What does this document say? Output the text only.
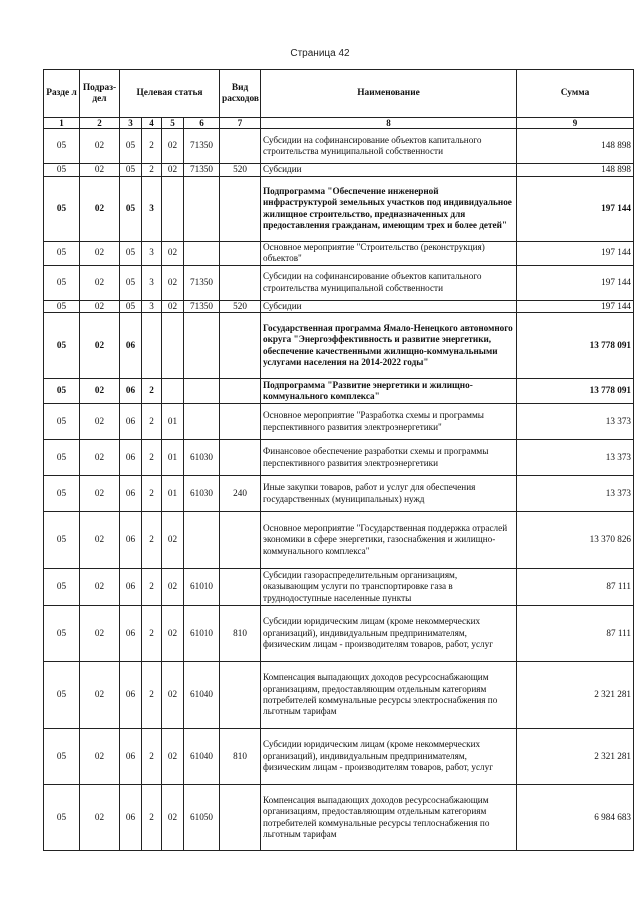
Страница 42
Разде л	Подраз-дел	Целевая статья				Вид расходов	Наименование	Сумма
1	2	3	4	5	6	7	8	9
05	02	05	2	02	71350		Субсидии на софинансирование объектов капитального строительства муниципальной собственности	148 898
05	02	05	2	02	71350	520	Субсидии	148 898
05	02	05	3				Подпрограмма "Обеспечение инженерной инфраструктурой земельных участков под индивидуальное жилищное строительство, предназначенных для предоставления гражданам, имеющим трех и более детей"	197 144
05	02	05	3	02			Основное мероприятие "Строительство (реконструкция) объектов"	197 144
05	02	05	3	02	71350		Субсидии на софинансирование объектов капитального строительства муниципальной собственности	197 144
05	02	05	3	02	71350	520	Субсидии	197 144
05	02	06					Государственная программа Ямало-Ненецкого автономного округа "Энергоэффективность и развитие энергетики, обеспечение качественными жилищно-коммунальными услугами населения на 2014-2022 годы"	13 778 091
05	02	06	2				Подпрограмма "Развитие энергетики и жилищно-коммунального комплекса"	13 778 091
05	02	06	2	01			Основное мероприятие "Разработка схемы и программы перспективного развития электроэнергетики"	13 373
05	02	06	2	01	61030		Финансовое обеспечение разработки схемы и программы перспективного развития электроэнергетики	13 373
05	02	06	2	01	61030	240	Иные закупки товаров, работ и услуг для обеспечения государственных (муниципальных) нужд	13 373
05	02	06	2	02			Основное мероприятие "Государственная поддержка отраслей экономики в сфере энергетики, газоснабжения и жилищно-коммунального комплекса"	13 370 826
05	02	06	2	02	61010		Субсидии газораспределительным организациям, оказывающим услуги по транспортировке газа в труднодоступные населенные пункты	87 111
05	02	06	2	02	61010	810	Субсидии юридическим лицам (кроме некоммерческих организаций), индивидуальным предпринимателям, физическим лицам - производителям товаров, работ, услуг	87 111
05	02	06	2	02	61040		Компенсация выпадающих доходов ресурсоснабжающим организациям, предоставляющим отдельным категориям потребителей коммунальные ресурсы электроснабжения по льготным тарифам	2 321 281
05	02	06	2	02	61040	810	Субсидии юридическим лицам (кроме некоммерческих организаций), индивидуальным предпринимателям, физическим лицам - производителям товаров, работ, услуг	2 321 281
05	02	06	2	02	61050		Компенсация выпадающих доходов ресурсоснабжающим организациям, предоставляющим отдельным категориям потребителей коммунальные ресурсы теплоснабжения по льготным тарифам	6 984 683
